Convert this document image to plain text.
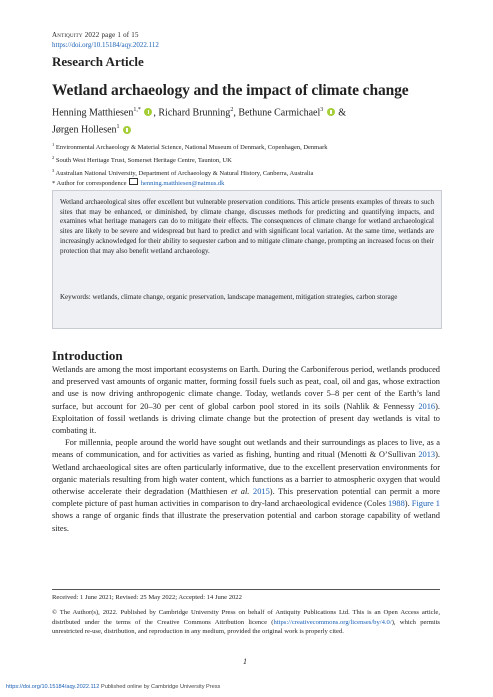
Antiquity 2022 page 1 of 15
https://doi.org/10.15184/aqy.2022.112
Research Article
Wetland archaeology and the impact of climate change
Henning Matthiesen$^{1,*}$ , Richard Brunning$^2$, Bethune Carmichael$^3$ &
Jørgen Hollesen$^1$
$^1$ Environmental Archaeology & Material Science, National Museum of Denmark, Copenhagen, Denmark
$^2$ South West Heritage Trust, Somerset Heritage Centre, Taunton, UK
$^3$ Australian National University, Department of Archaeology & Natural History, Canberra, Australia
* Author for correspondence henning.matthiesen@natmus.dk
Wetland archaeological sites offer excellent but vulnerable preservation conditions. This article presents examples of threats to such sites that may be enhanced, or diminished, by climate change, discusses methods for predicting and quantifying impacts, and examines what heritage managers can do to mitigate their effects. The consequences of climate change for wetland archaeological sites are likely to be severe and widespread but hard to predict and with significant local variation. At the same time, wetlands are increasingly acknowledged for their ability to sequester carbon and to mitigate climate change, prompting an increased focus on their protection that may also benefit wetland archaeology.
Keywords: wetlands, climate change, organic preservation, landscape management, mitigation strategies, carbon storage
Introduction

Wetlands are among the most important ecosystems on Earth. During the Carboniferous period, wetlands produced and preserved vast amounts of organic matter, forming fossil fuels such as peat, coal, oil and gas, whose extraction and use is now driving anthropogenic climate change. Today, wetlands cover 5–8 per cent of the Earth’s land surface, but account for 20–30 per cent of global carbon pool stored in its soils (Nahlik & Fennessy 2016). Exploitation of fossil wetlands is driving climate change but the protection of present day wetlands is vital to combating it.

For millennia, people around the world have sought out wetlands and their surroundings as places to live, as a means of communication, and for activities as varied as fishing, hunting and ritual (Menotti & O’Sullivan 2013). Wetland archaeological sites are often particularly informative, due to the excellent preservation environments for organic materials resulting from high water content, which functions as a barrier to atmospheric oxygen that would otherwise accelerate their degradation (Matthiesen et al. 2015). This preservation potential can permit a more complete picture of past human activities in comparison to dry-land archaeological evidence (Coles 1988). Figure 1 shows a range of organic finds that illustrate the preservation potential and carbon storage capability of wetland sites.

Received: 1 June 2021; Revised: 25 May 2022; Accepted: 14 June 2022
© The Author(s), 2022. Published by Cambridge University Press on behalf of Antiquity Publications Ltd. This is an Open Access article, distributed under the terms of the Creative Commons Attribution licence (https://creativecommons.org/licenses/by/4.0/), which permits unrestricted re-use, distribution, and reproduction in any medium, provided the original work is properly cited.
1
https://doi.org/10.15184/aqy.2022.112 Published online by Cambridge University Press
